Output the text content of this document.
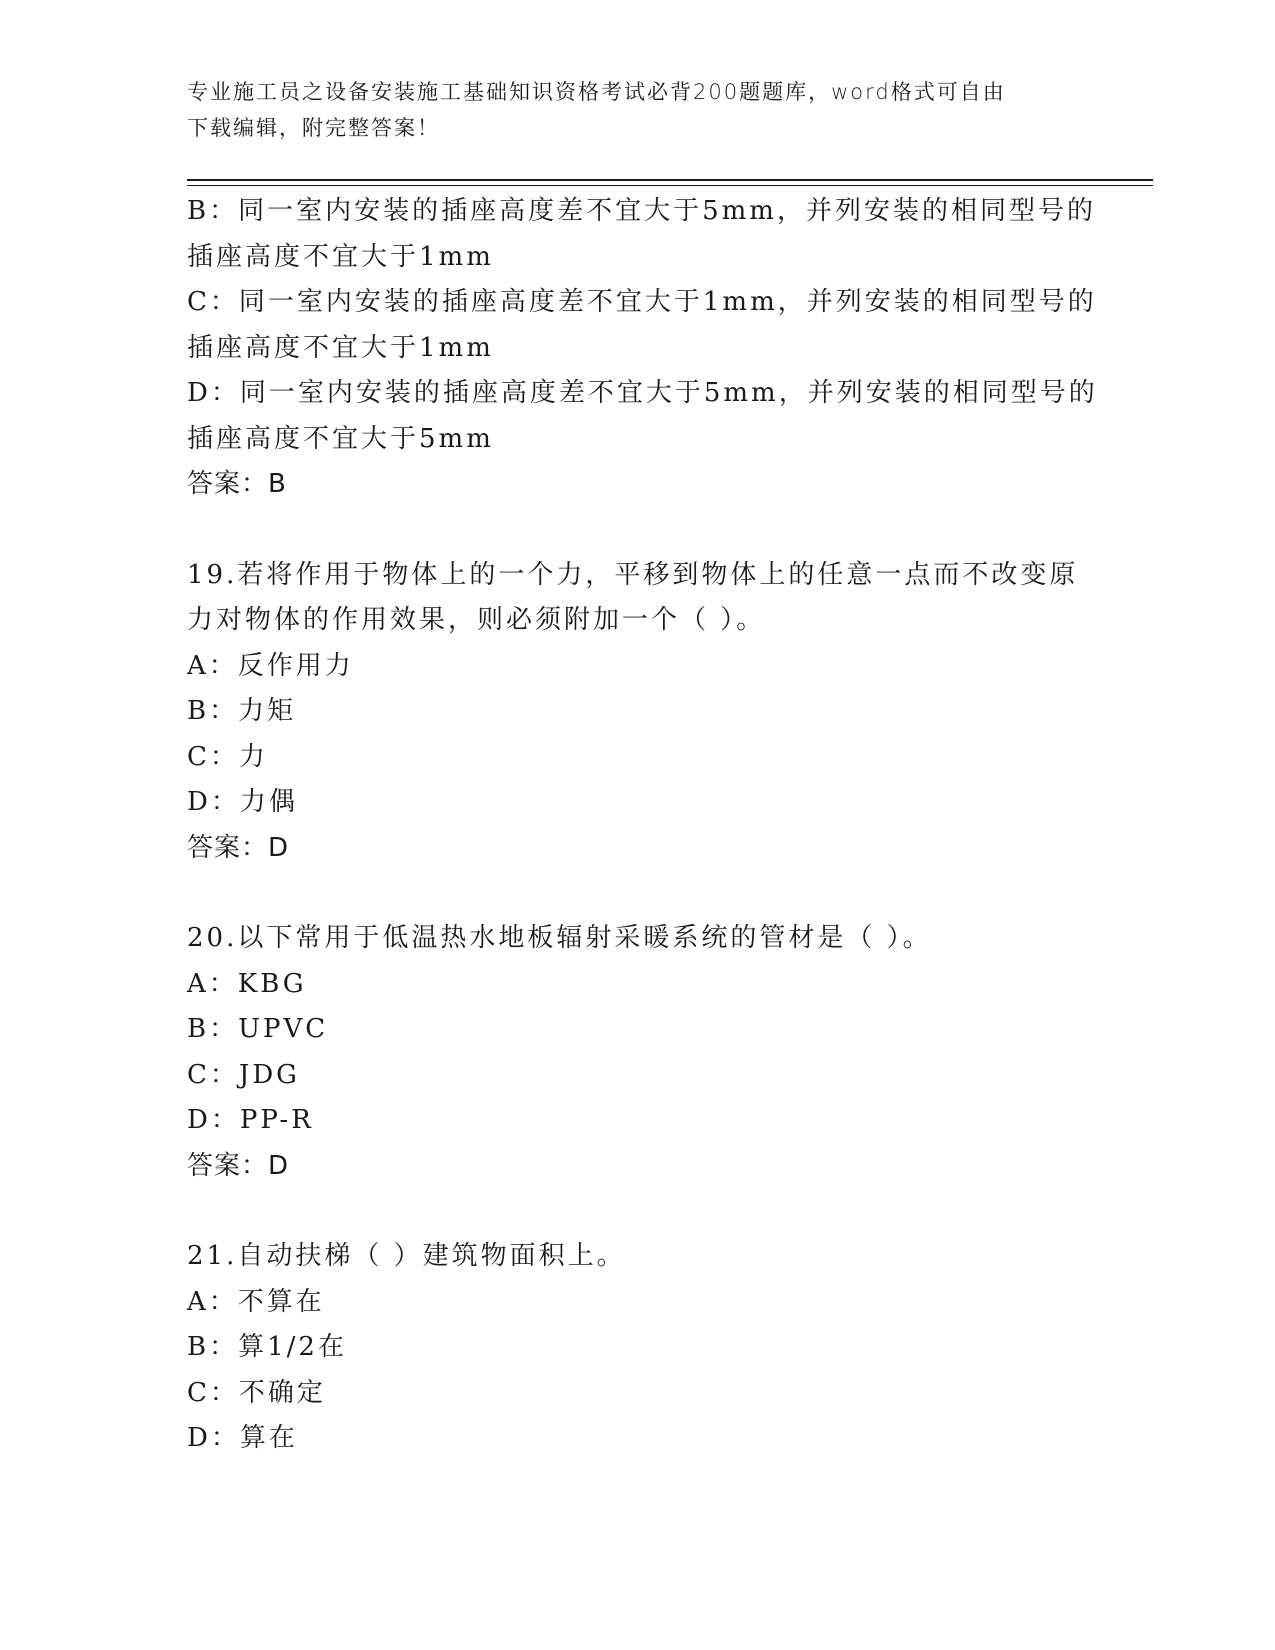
专业施工员之设备安装施工基础知识资格考试必背200题题库，word格式可自由
下载编辑，附完整答案！
B：同一室内安装的插座高度差不宜大于5mm，并列安装的相同型号的
插座高度不宜大于1mm
C：同一室内安装的插座高度差不宜大于1mm，并列安装的相同型号的
插座高度不宜大于1mm
D：同一室内安装的插座高度差不宜大于5mm，并列安装的相同型号的
插座高度不宜大于5mm
答案：B
19.若将作用于物体上的一个力，平移到物体上的任意一点而不改变原
力对物体的作用效果，则必须附加一个（ ）。
A：反作用力
B：力矩
C：力
D：力偶
答案：D
20.以下常用于低温热水地板辐射采暖系统的管材是（ ）。
A：KBG
B：UPVC
C：JDG
D：PP-R
答案：D
21.自动扶梯（ ）建筑物面积上。
A：不算在
B：算1/2在
C：不确定
D：算在
